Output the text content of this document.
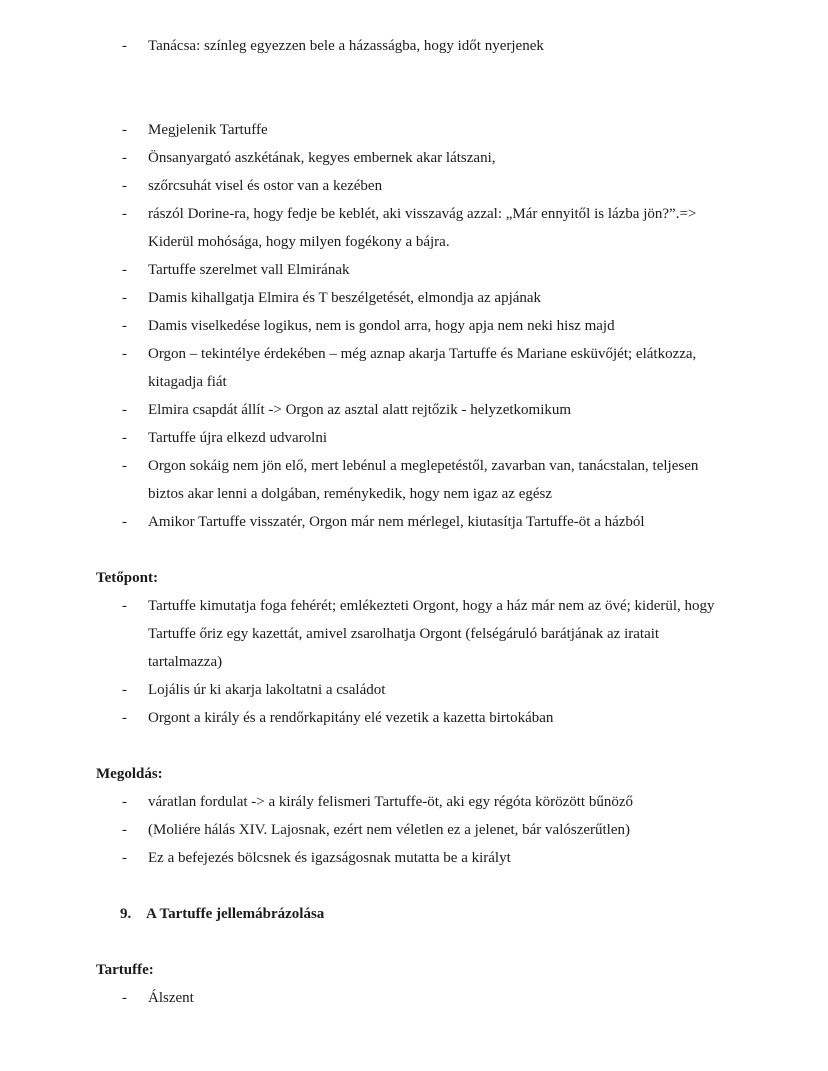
-	Tanácsa: színleg egyezzen bele a házasságba, hogy időt nyerjenek
-	Megjelenik Tartuffe
-	Önsanyargató aszkétának, kegyes embernek akar látszani,
-	szőrcsuhát visel és ostor van a kezében
-	rászól Dorine-ra, hogy fedje be keblét, aki visszavág azzal: „Már ennyitől is lázba jön?”.=> Kiderül mohósága, hogy milyen fogékony a bájra.
-	Tartuffe szerelmet vall Elmirának
-	Damis kihallgatja Elmira és T beszélgetését, elmondja az apjának
-	Damis viselkedése logikus, nem is gondol arra, hogy apja nem neki hisz majd
-	Orgon – tekintélye érdekében – még aznap akarja Tartuffe és Mariane esküvőjét; elátkozza, kitagadja fiát
-	Elmira csapdát állít -> Orgon az asztal alatt rejtőzik - helyzetkomikum
-	Tartuffe újra elkezd udvarolni
-	Orgon sokáig nem jön elő, mert lebénul a meglepetéstől, zavarban van, tanácstalan, teljesen biztos akar lenni a dolgában, reménykedik, hogy nem igaz az egész
-	Amikor Tartuffe visszatér, Orgon már nem mérlegel, kiutasítja Tartuffe-öt a házból
Tetőpont:
-	Tartuffe kimutatja foga fehérét; emlékezteti Orgont, hogy a ház már nem az övé; kiderül, hogy Tartuffe őriz egy kazettát, amivel zsarolhatja Orgont (felségáruló barátjának az iratait tartalmazza)
-	Lojális úr ki akarja lakoltatni a családot
-	Orgont a király és a rendőrkapitány elé vezetik a kazetta birtokában
Megoldás:
-	váratlan fordulat -> a király felismeri Tartuffe-öt, aki egy régóta körözött bűnöző
-	(Moliére hálás XIV. Lajosnak, ezért nem véletlen ez a jelenet, bár valószerűtlen)
-	Ez a befejezés bölcsnek és igazságosnak mutatta be a királyt
9. A Tartuffe jellemábrázolása
Tartuffe:
-	Álszent
